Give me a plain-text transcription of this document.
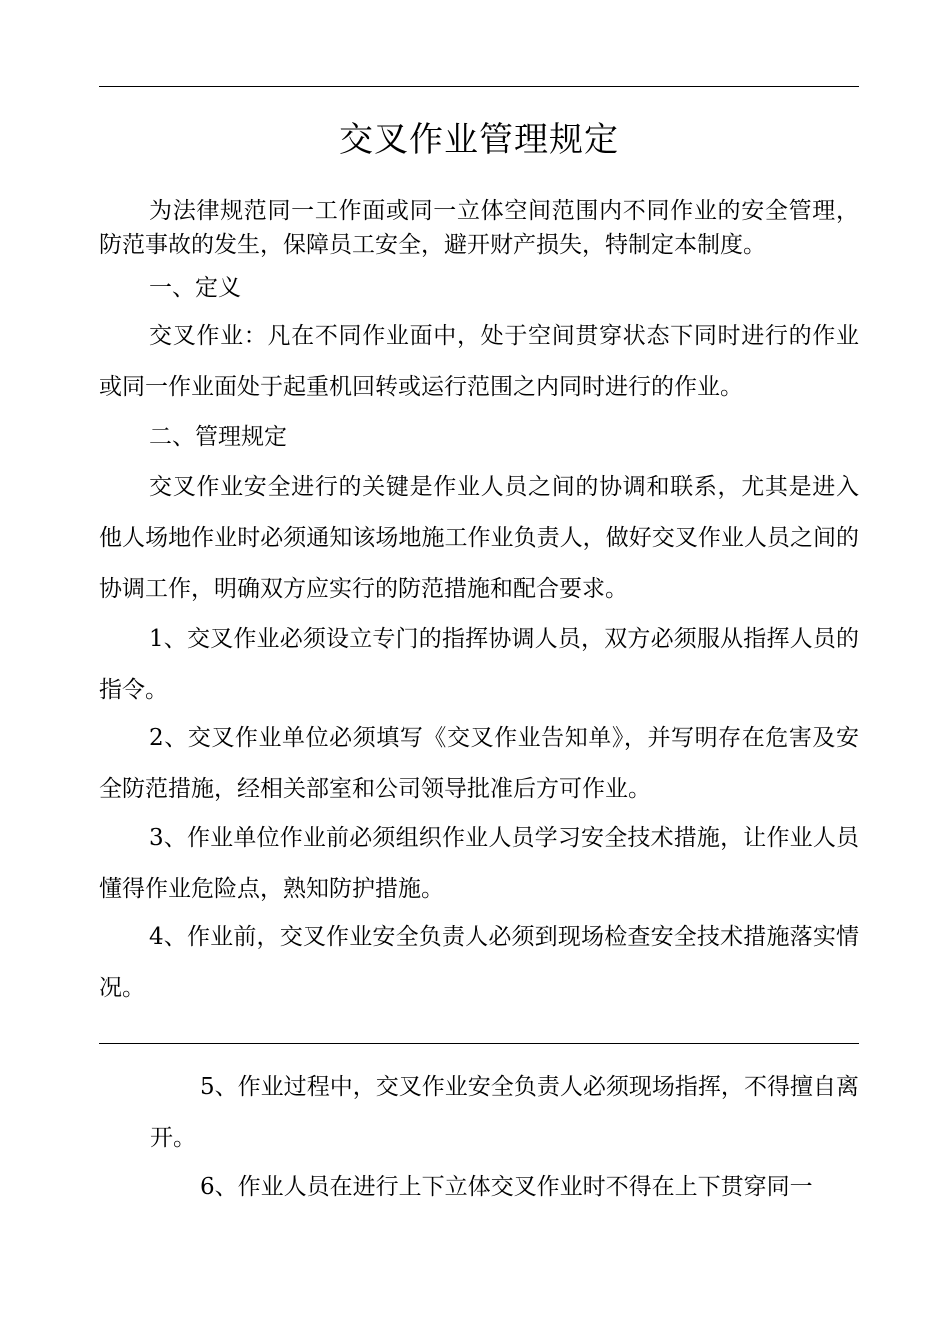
交叉作业管理规定

为法律规范同一工作面或同一立体空间范围内不同作业的安全管理，防范事故的发生，保障员工安全，避开财产损失，特制定本制度。

一、定义

交叉作业：凡在不同作业面中，处于空间贯穿状态下同时进行的作业或同一作业面处于起重机回转或运行范围之内同时进行的作业。

二、管理规定

交叉作业安全进行的关键是作业人员之间的协调和联系，尤其是进入他人场地作业时必须通知该场地施工作业负责人，做好交叉作业人员之间的协调工作，明确双方应实行的防范措施和配合要求。

1、交叉作业必须设立专门的指挥协调人员，双方必须服从指挥人员的指令。

2、交叉作业单位必须填写《交叉作业告知单》，并写明存在危害及安全防范措施，经相关部室和公司领导批准后方可作业。

3、作业单位作业前必须组织作业人员学习安全技术措施，让作业人员懂得作业危险点，熟知防护措施。

4、作业前，交叉作业安全负责人必须到现场检查安全技术措施落实情况。

5、作业过程中，交叉作业安全负责人必须现场指挥，不得擅自离开。

6、作业人员在进行上下立体交叉作业时不得在上下贯穿同一
